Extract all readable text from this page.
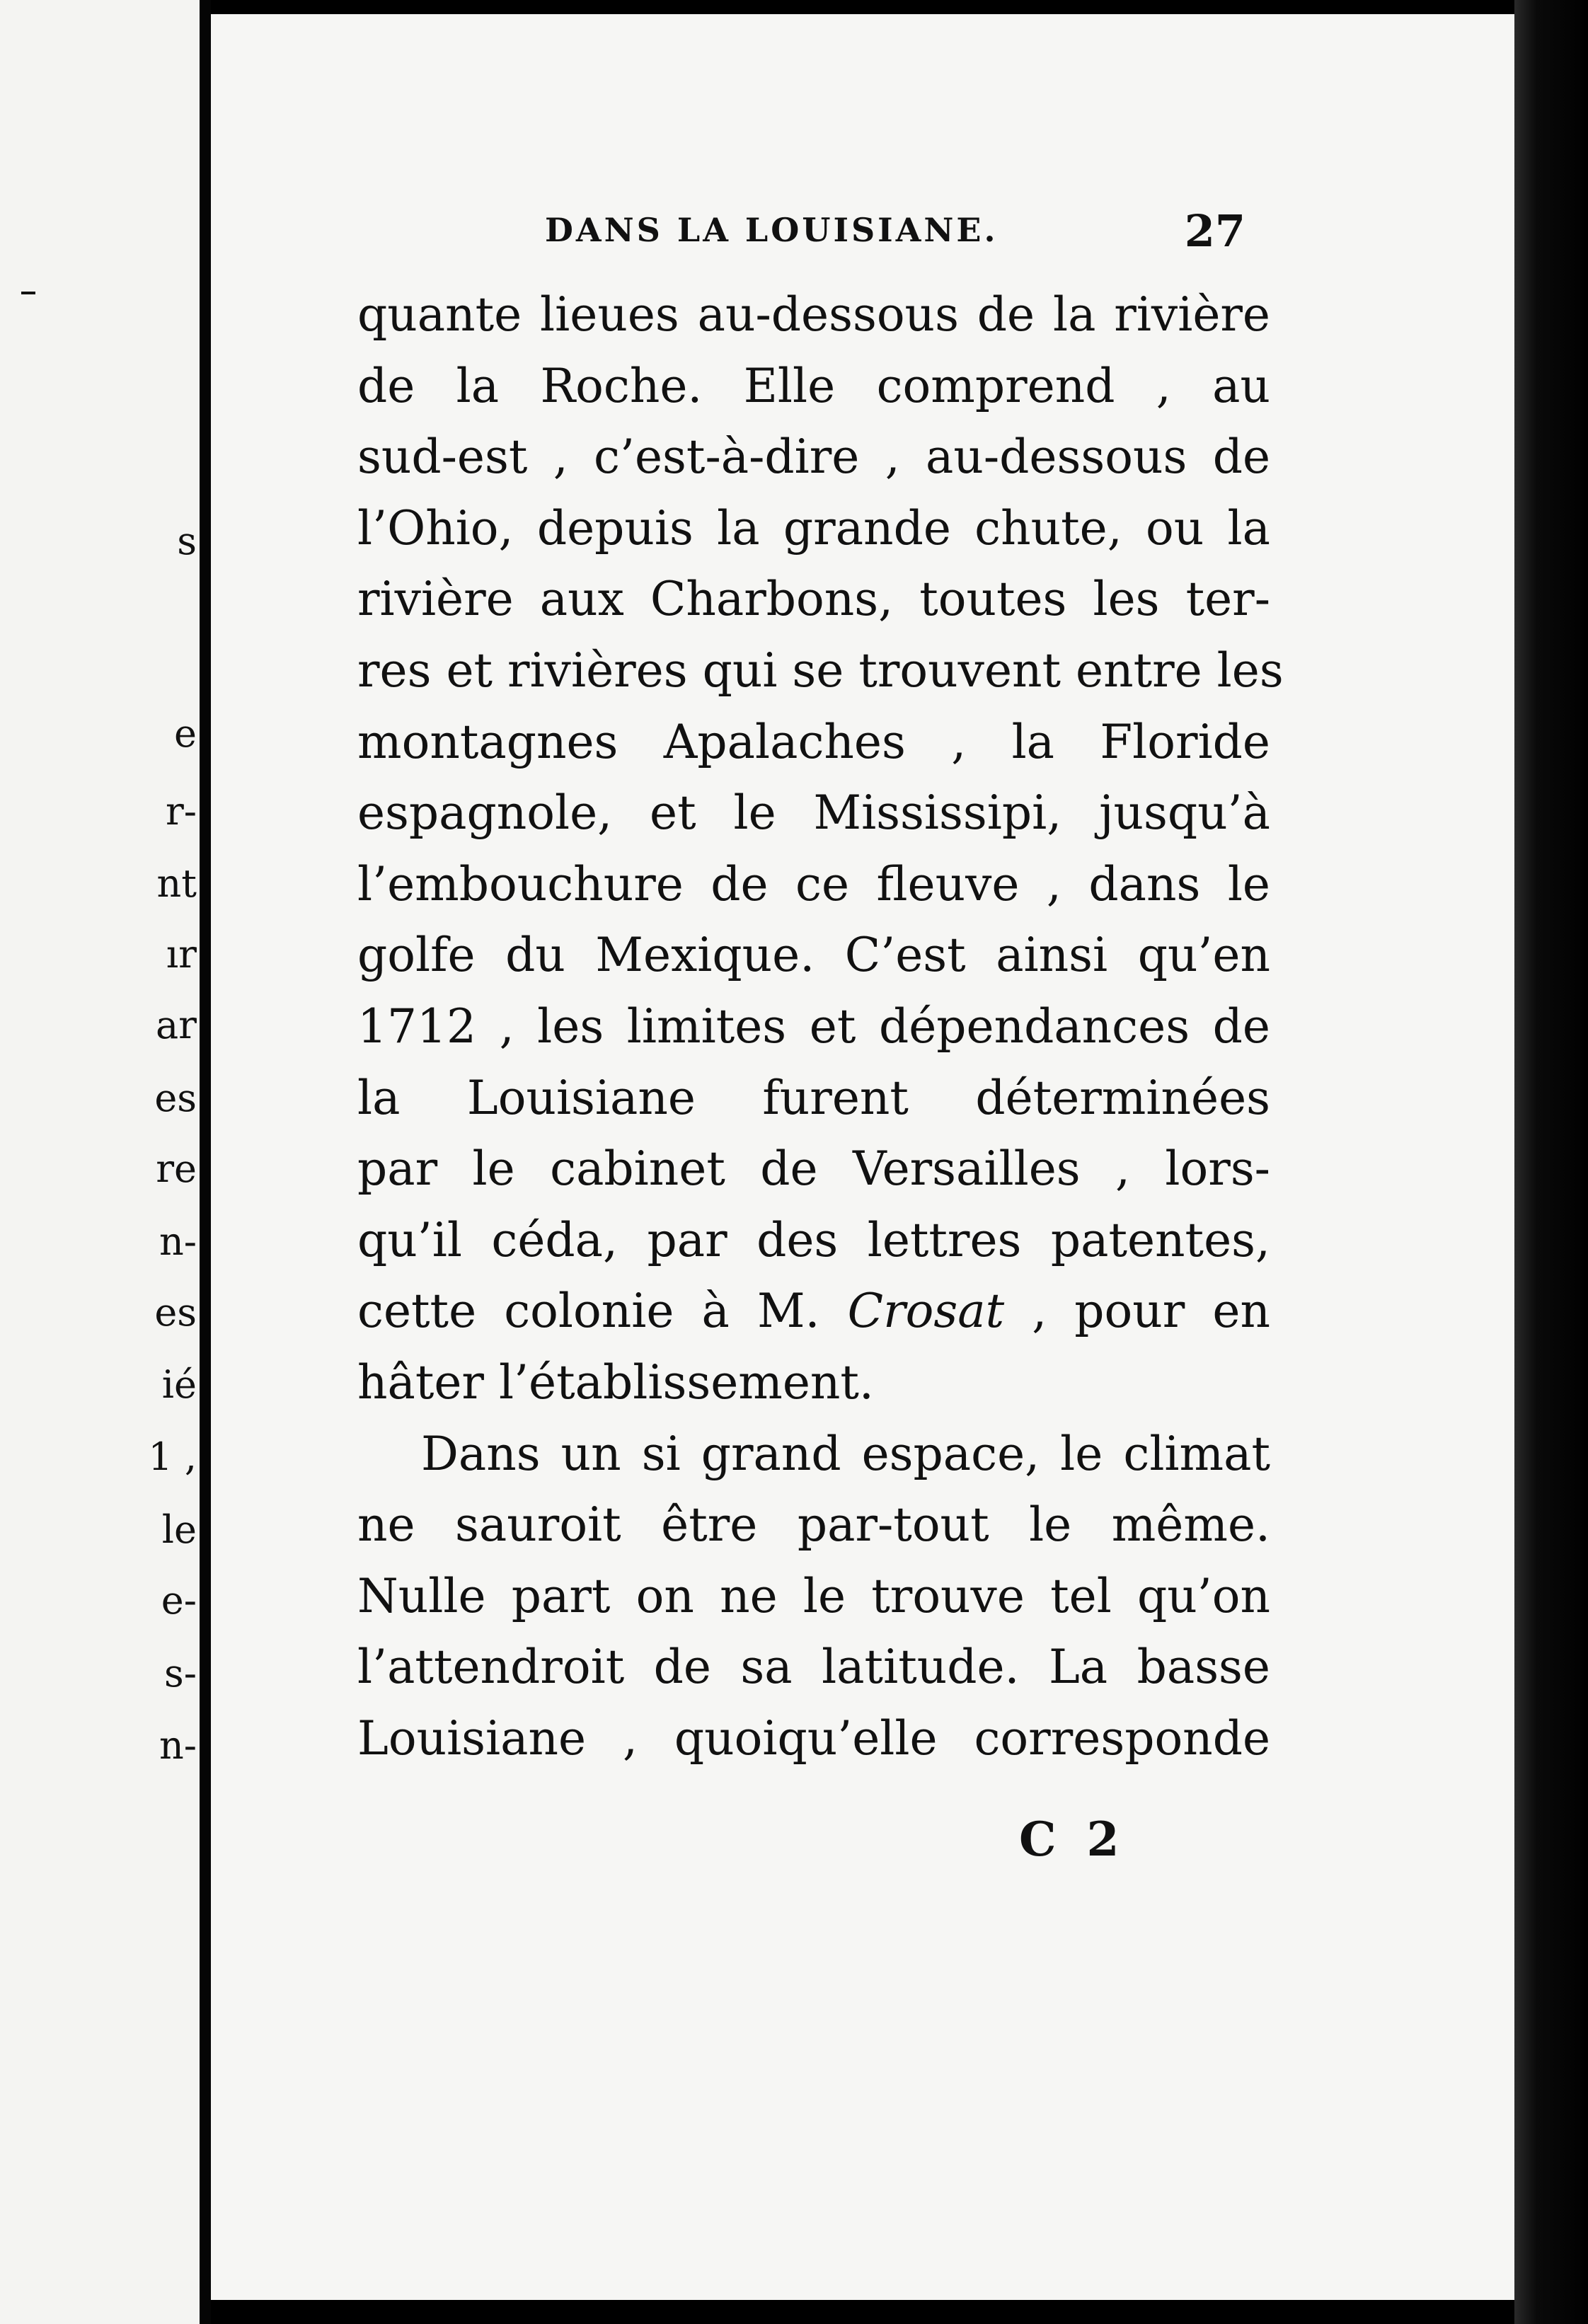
s
e
r-
nt
ır
ar
es
re
n-
es
ié
1 ,
le
e-
s-
n-
DANS LA LOUISIANE.	27
quante lieues au-dessous de la rivière
de la Roche. Elle comprend , au
sud-est , c’est-à-dire , au-dessous de
l’Ohio, depuis la grande chute, ou la
rivière aux Charbons, toutes les ter-
res et rivières qui se trouvent entre les
montagnes Apalaches , la Floride
espagnole, et le Mississipi, jusqu’à
l’embouchure de ce fleuve , dans le
golfe du Mexique. C’est ainsi qu’en
1712 , les limites et dépendances de
la Louisiane furent déterminées
par le cabinet de Versailles , lors-
qu’il céda, par des lettres patentes,
cette colonie à M. Crosat , pour en
hâter l’établissement.
Dans un si grand espace, le climat
ne sauroit être par-tout le même.
Nulle part on ne le trouve tel qu’on
l’attendroit de sa latitude. La basse
Louisiane , quoiqu’elle corresponde
C 2
